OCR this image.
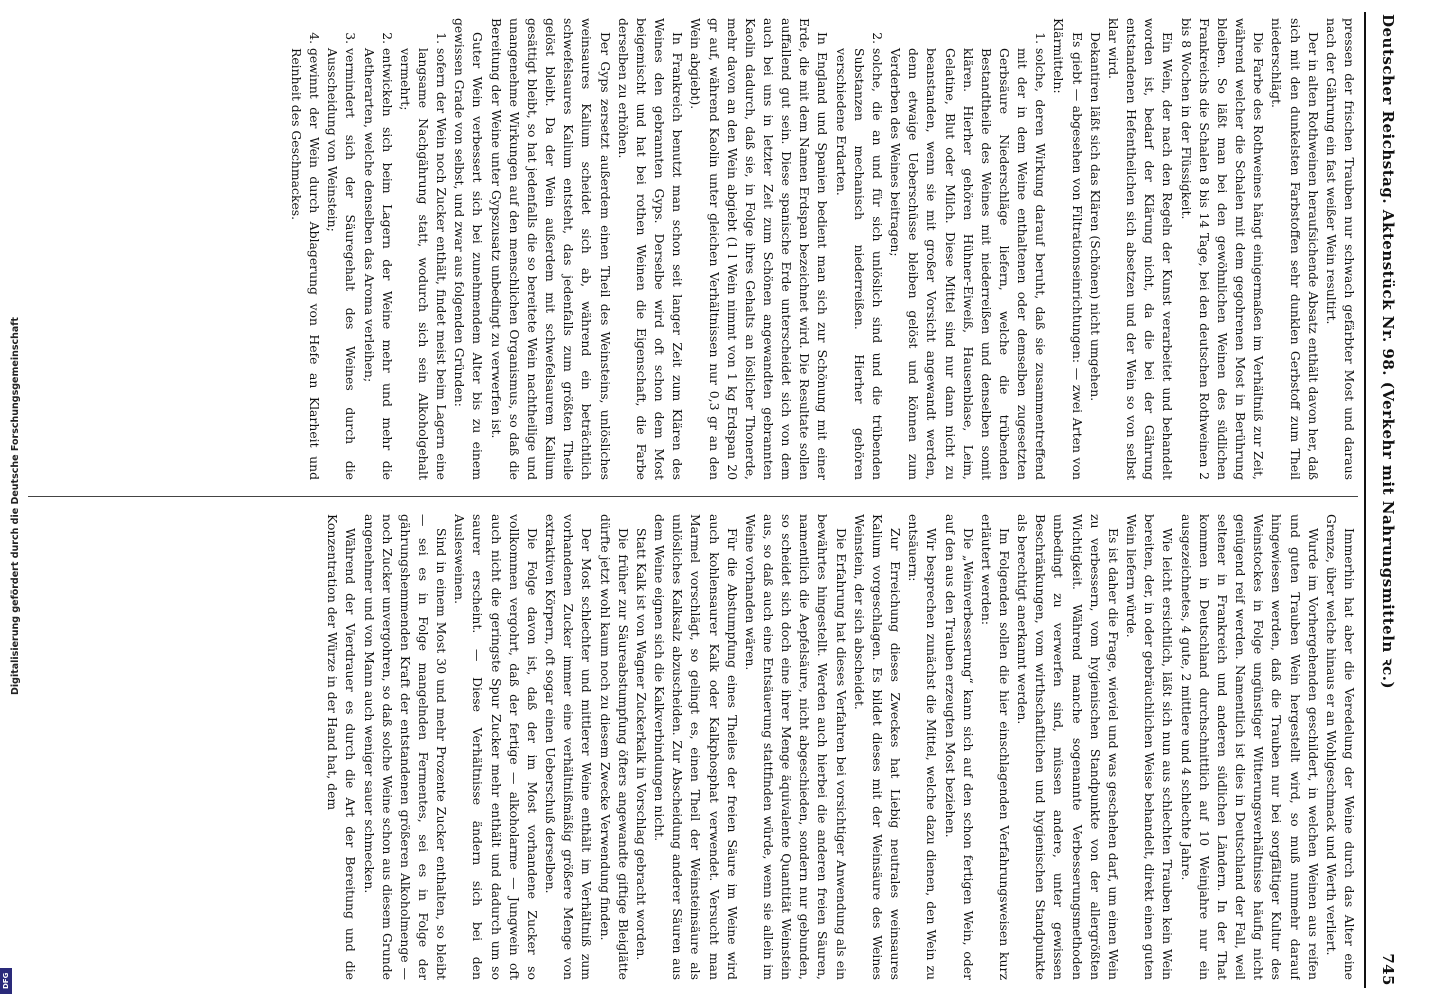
Digitalisierung gefördert durch die Deutsche Forschungsgemeinschaft
DFG
Deutscher Reichstag. Aktenstück Nr. 98. (Verkehr mit Nahrungsmitteln ꝛc.)
745

pressen der frischen Trauben nur schwach gefärbter Most und daraus nach der Gährung ein fast weißer Wein resultirt.

Der in alten Rothweinen heraufsichende Absatz enthält davon her, daß sich mit den dunkelsten Farbstoffen sehr dunklen Gerbstoff zum Theil niederschlägt.

Die Farbe des Rothweines hängt einigermaßen im Verhältniß zur Zeit, während welcher die Schalen mit dem gegohrenen Most in Berührung bleiben. So läßt man bei den gewöhnlichen Weinen des südlichen Frankreichs die Schalen 8 bis 14 Tage, bei den deutschen Rothweinen 2 bis 8 Wochen in der Flüssigkeit.

Ein Wein, der nach den Regeln der Kunst verarbeitet und behandelt worden ist, bedarf der Klärung nicht, da die bei der Gährung entstandenen Hefentheilchen sich absetzen und der Wein so von selbst klar wird.

Dekantiren läßt sich das Klären (Schönen) nicht umgehen.

Es giebt — abgesehen von Filtrationseinrichtungen: — zwei Arten von Klärmitteln:

1. solche, deren Wirkung darauf beruht, daß sie zusammentreffend mit der in dem Weine enthaltenen oder demselben zugesetzten Gerbsäure Niederschläge liefern, welche die trübenden Bestandtheile des Weines mit niederreißen und denselben somit klären. Hierher gehören Hühner-Eiweiß, Hausenblase, Leim, Gelatine, Blut oder Milch. Diese Mittel sind nur dann nicht zu beanstanden, wenn sie mit großer Vorsicht angewandt werden, denn etwaige Ueberschüsse bleiben gelöst und können zum Verderben des Weines beitragen;
2. solche, die an und für sich unlöslich sind und die trübenden Substanzen mechanisch niederreißen. Hierher gehören verschiedene Erdarten.

In England und Spanien bedient man sich zur Schönung mit einer Erde, die mit dem Namen Erdspan bezeichnet wird. Die Resultate sollen auffallend gut sein. Diese spanische Erde unterscheidet sich von dem auch bei uns in letzter Zeit zum Schönen angewandten gebrannten Kaolin dadurch, daß sie, in Folge ihres Gehalts an löslicher Thonerde, mehr davon an den Wein abgiebt (1 l Wein nimmt von 1 kg Erdspan 20 gr auf, während Kaolin unter gleichen Verhältnissen nur 0,3 gr an den Wein abgiebt).

In Frankreich benutzt man schon seit langer Zeit zum Klären des Weines den gebrannten Gyps. Derselbe wird oft schon dem Most beigemischt und hat bei rothen Weinen die Eigenschaft, die Farbe derselben zu erhöhen.

Der Gyps zersetzt außerdem einen Theil des Weinsteins, unlösliches weinsaures Kalium scheidet sich ab, während ein beträchtlich schwefelsaures Kalium entsteht, das jedenfalls zum größten Theile gelöst bleibt. Da der Wein außerdem mit schwefelsaurem Kalium gesättigt bleibt, so hat jedenfalls die so bereitete Wein nachtheilige und unangenehme Wirkungen auf den menschlichen Organismus, so daß die Bereitung der Weine unter Gypszusatz unbedingt zu verwerfen ist.

Guter Wein verbessert sich bei zunehmendem Alter bis zu einem gewissen Grade von selbst, und zwar aus folgenden Gründen:

1. sofern der Wein noch Zucker enthält, findet meist beim Lagern eine langsame Nachgährung statt, wodurch sich sein Alkoholgehalt vermehrt;
2. entwickeln sich beim Lagern der Weine mehr und mehr die Aetherarten, welche denselben das Aroma verleihen;
3. vermindert sich der Säuregehalt des Weines durch die Ausscheidung von Weinstein;
4. gewinnt der Wein durch Ablagerung von Hefe an Klarheit und Reinheit des Geschmackes.

Immerhin hat aber die Veredelung der Weine durch das Alter eine Grenze, über welche hinaus er an Wohlgeschmack und Werth verliert.

Wurde im Vorhergehenden geschildert, in welchen Weinen aus reifen und guten Trauben Wein hergestellt wird, so muß nunmehr darauf hingewiesen werden, daß die Trauben nur bei sorgfältiger Kultur des Weinstockes in Folge ungünstiger Witterungsverhältnisse häufig nicht genügend reif werden. Namentlich ist dies in Deutschland der Fall, weil seltener in Frankreich und anderen südlichen Ländern. In der That kommen in Deutschland durchschnittlich auf 10 Weinjahre nur ein ausgezeichnetes, 4 gute, 2 mittlere und 4 schlechte Jahre.

Wie leicht ersichtlich, läßt sich nun aus schlechten Trauben kein Wein bereiten, der, in oder gebräuchlichen Weise behandelt, direkt einen guten Wein liefern würde.

Es ist daher die Frage, wieviel und was geschehen darf, um einen Wein zu verbessern, vom hygienischen Standpunkte von der allergrößten Wichtigkeit. Während manche sogenannte Verbesserungsmethoden unbedingt zu verwerfen sind, müssen andere, unter gewissen Beschränkungen, vom wirthschaftlichen und hygienischen Standpunkte als berechtigt anerkannt werden.

Im Folgenden sollen die hier einschlagenden Verfahrungsweisen kurz erläutert werden:

Die „Weinverbesserung“ kann sich auf den schon fertigen Wein, oder auf den aus den Trauben erzeugten Most beziehen.

Wir besprechen zunächst die Mittel, welche dazu dienen, den Wein zu entsäuern:

Zur Erreichung dieses Zweckes hat Liebig neutrales weinsaures Kalium vorgeschlagen. Es bildet dieses mit der Weinsäure des Weines Weinstein, der sich abscheidet.

Die Erfahrung hat dieses Verfahren bei vorsichtiger Anwendung als ein bewährtes hingestellt. Werden auch hierbei die anderen freien Säuren, namentlich die Aepfelsäure, nicht abgeschieden, sondern nur gebunden, so scheidet sich doch eine ihrer Menge äquivalente Quantität Weinstein aus, so daß auch eine Entsäuerung stattfinden würde, wenn sie allein im Weine vorhanden wären.

Für die Abstumpfung eines Theiles der freien Säure im Weine wird auch kohlensaurer Kalk oder Kalkphosphat verwendet. Versucht man Marmel vorschlägt, so gelingt es, einen Theil der Weinsteinsäure als unlösliches Kalksalz abzuscheiden. Zur Abscheidung anderer Säuren aus dem Weine eignen sich die Kalkverbindungen nicht.

Statt Kalk ist von Wagner Zuckerkalk in Vorschlag gebracht worden.

Die früher zur Säureabstumpfung öfters angewandte giftige Bleiglätte dürfte jetzt wohl kaum noch zu diesem Zwecke Verwendung finden.

Der Most schlechter und mittlerer Weine enthält im Verhältniß zum vorhandenen Zucker immer eine verhältnißmäßig größere Menge von extraktiven Körpern, oft sogar einen Ueberschuß derselben.

Die Folge davon ist, daß der im Most vorhandene Zucker so vollkommen vergohrt, daß der fertige — alkoholarme — Jungwein oft auch nicht die geringste Spur Zucker mehr enthält und dadurch um so saurer erscheint. — Diese Verhältnisse ändern sich bei den Auslesweinen.

Sind in einem Most 30 und mehr Prozente Zucker enthalten, so bleibt — sei es in Folge mangelnden Fermentes, sei es in Folge der gährungshemmenden Kraft der entstandenen größeren Alkoholmenge — noch Zucker unvergohren, so daß solche Weine schon aus diesem Grunde angenehmer und von Mann auch weniger sauer schmecken.

Während der Vierdrauer es durch die Art der Bereitung und die Konzentration der Würze in der Hand hat, dem
